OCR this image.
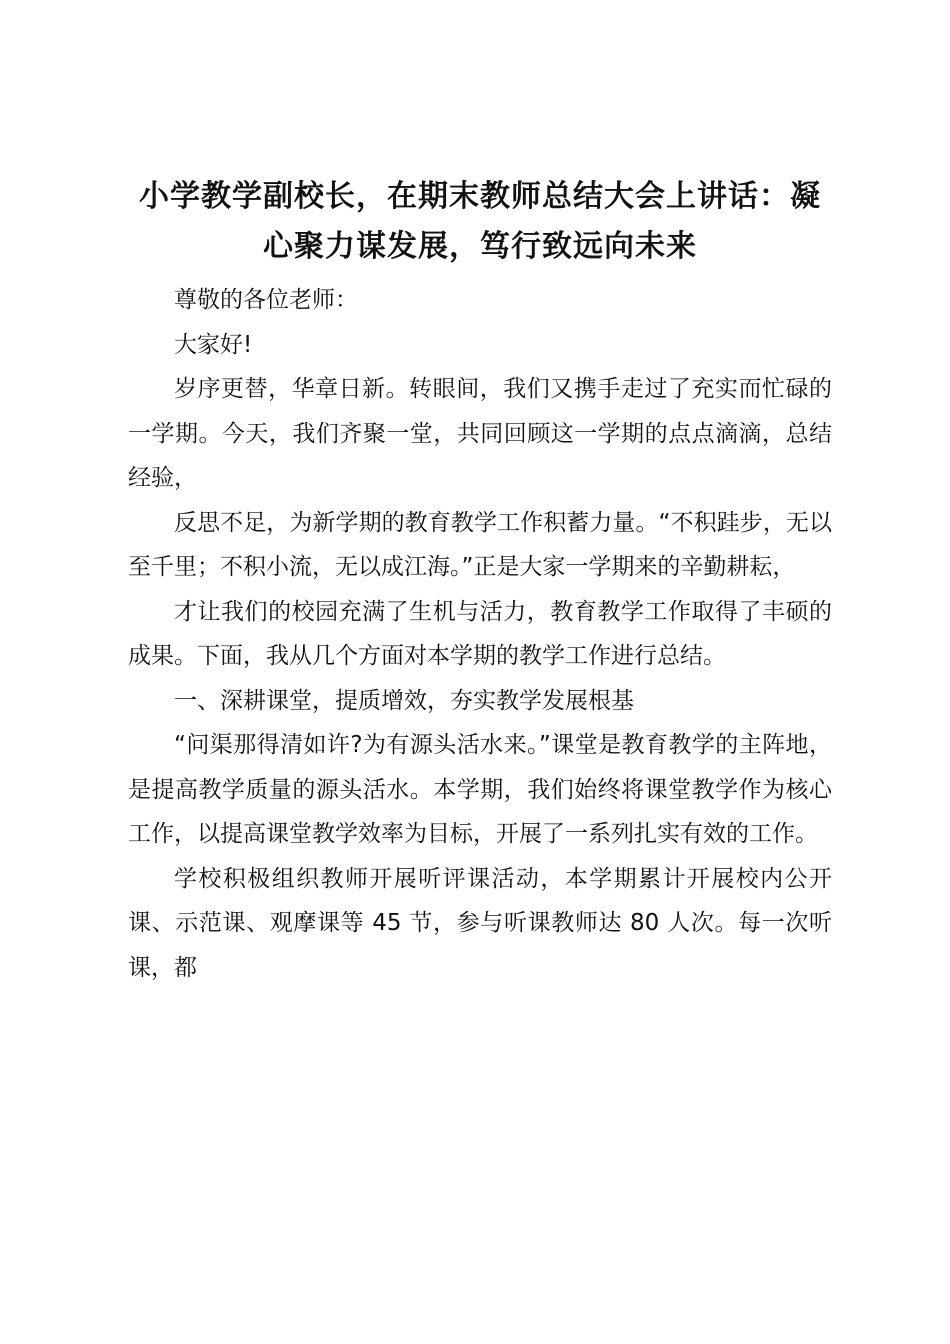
小学教学副校长，在期末教师总结大会上讲话：凝心聚力谋发展，笃行致远向未来

尊敬的各位老师：

大家好!

岁序更替，华章日新。转眼间，我们又携手走过了充实而忙碌的一学期。今天，我们齐聚一堂，共同回顾这一学期的点点滴滴，总结经验，

反思不足，为新学期的教育教学工作积蓄力量。“不积跬步，无以至千里；不积小流，无以成江海。”正是大家一学期来的辛勤耕耘，

才让我们的校园充满了生机与活力，教育教学工作取得了丰硕的成果。下面，我从几个方面对本学期的教学工作进行总结。

一、深耕课堂，提质增效，夯实教学发展根基

“问渠那得清如许?为有源头活水来。”课堂是教育教学的主阵地，是提高教学质量的源头活水。本学期，我们始终将课堂教学作为核心工作，以提高课堂教学效率为目标，开展了一系列扎实有效的工作。

学校积极组织教师开展听评课活动，本学期累计开展校内公开课、示范课、观摩课等 45 节，参与听课教师达 80 人次。每一次听课，都
